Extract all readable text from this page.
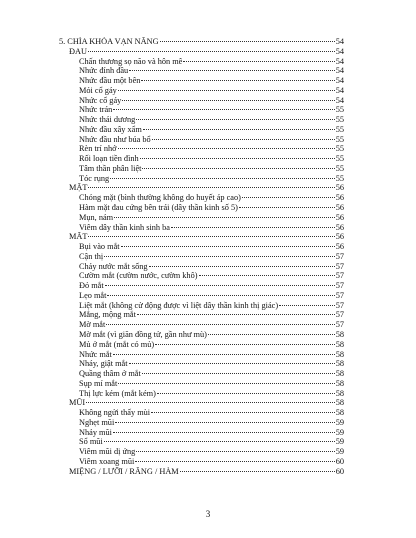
5. CHÌA KHÓA VẠN NĂNG	54
ĐAU	54
Chấn thương sọ não và hôn mê	54
Nhức đỉnh đầu	54
Nhức đầu một bên	54
Mỏi cổ gáy	54
Nhức cổ gáy	54
Nhức trán	55
Nhức thái dương	55
Nhức đầu xây xẩm	55
Nhức đầu như búa bổ	55
Rèn trí nhớ	55
Rối loạn tiền đình	55
Tâm thần phân liệt	55
Tóc rụng	55
MẶT	56
Chóng mặt (bình thường không do huyết áp cao)	56
Hàm mặt đau cứng bên trái (dây thần kinh số 5)	56
Mụn, nám	56
Viêm dây thần kinh sinh ba	56
MẮT	56
Bụi vào mắt	56
Cận thị	57
Chảy nước mắt sống	57
Cườm mắt (cườm nước, cườm khô)	57
Đỏ mắt	57
Lẹo mắt	57
Liệt mắt (không cử động được vì liệt dây thần kinh thị giác)	57
Mắng, mộng mắt	57
Mờ mắt	57
Mờ mắt (vì giãn đồng tử, gần như mù)	58
Mủ ở mắt (mắt có mủ)	58
Nhức mắt	58
Nháy, giật mắt	58
Quầng thâm ở mắt	58
Sụp mí mắt	58
Thị lực kém (mắt kém)	58
MŨI	58
Không ngửi thấy mùi	58
Nghẹt mũi	59
Nhảy mũi	59
Sổ mũi	59
Viêm mũi dị ứng	59
Viêm xoang mũi	60
MIỆNG / LƯỠI / RĂNG / HÀM	60
3
